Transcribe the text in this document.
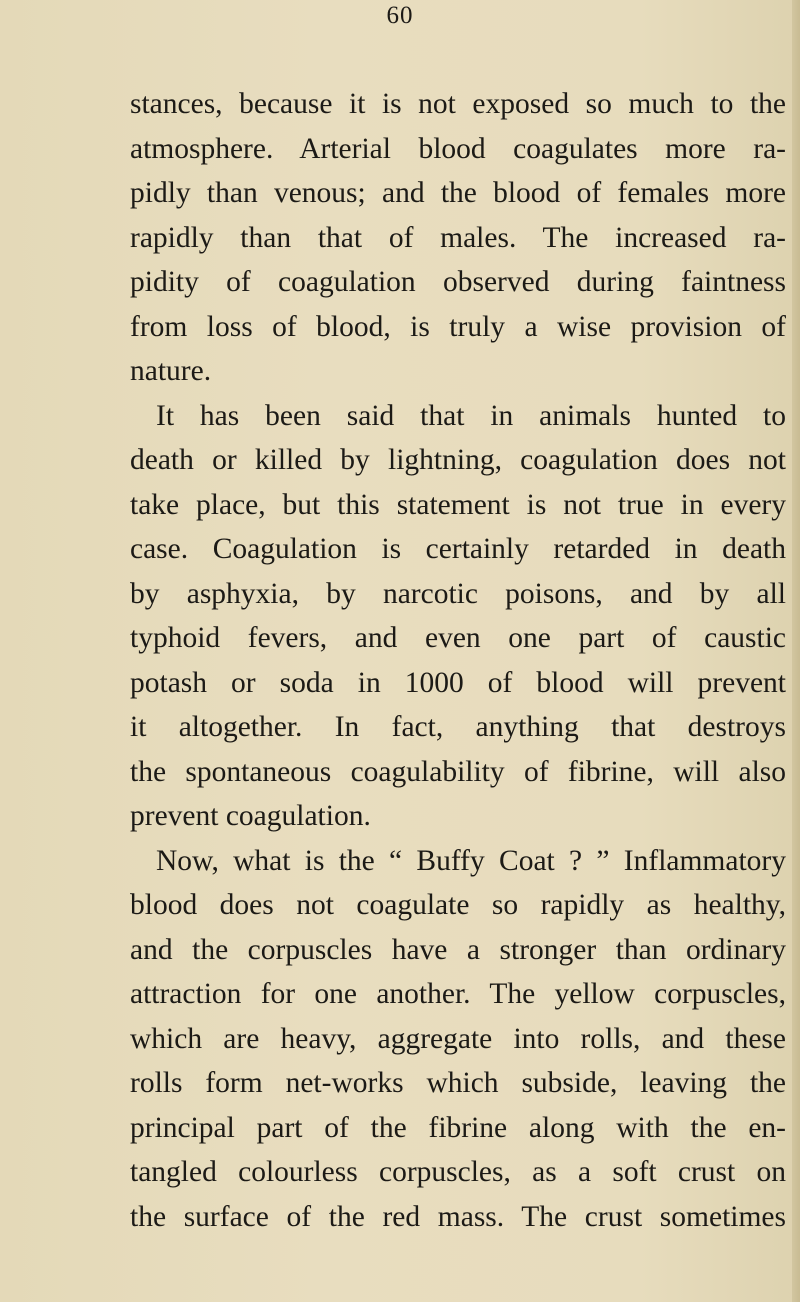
60
stances, because it is not exposed so much to the
atmosphere. Arterial blood coagulates more ra-
pidly than venous; and the blood of females more
rapidly than that of males. The increased ra-
pidity of coagulation observed during faintness
from loss of blood, is truly a wise provision of
nature.
It has been said that in animals hunted to
death or killed by lightning, coagulation does not
take place, but this statement is not true in every
case. Coagulation is certainly retarded in death
by asphyxia, by narcotic poisons, and by all
typhoid fevers, and even one part of caustic
potash or soda in 1000 of blood will prevent
it altogether. In fact, anything that destroys
the spontaneous coagulability of fibrine, will also
prevent coagulation.
Now, what is the “ Buffy Coat ? ” Inflammatory
blood does not coagulate so rapidly as healthy,
and the corpuscles have a stronger than ordinary
attraction for one another. The yellow corpuscles,
which are heavy, aggregate into rolls, and these
rolls form net-works which subside, leaving the
principal part of the fibrine along with the en-
tangled colourless corpuscles, as a soft crust on
the surface of the red mass. The crust sometimes
